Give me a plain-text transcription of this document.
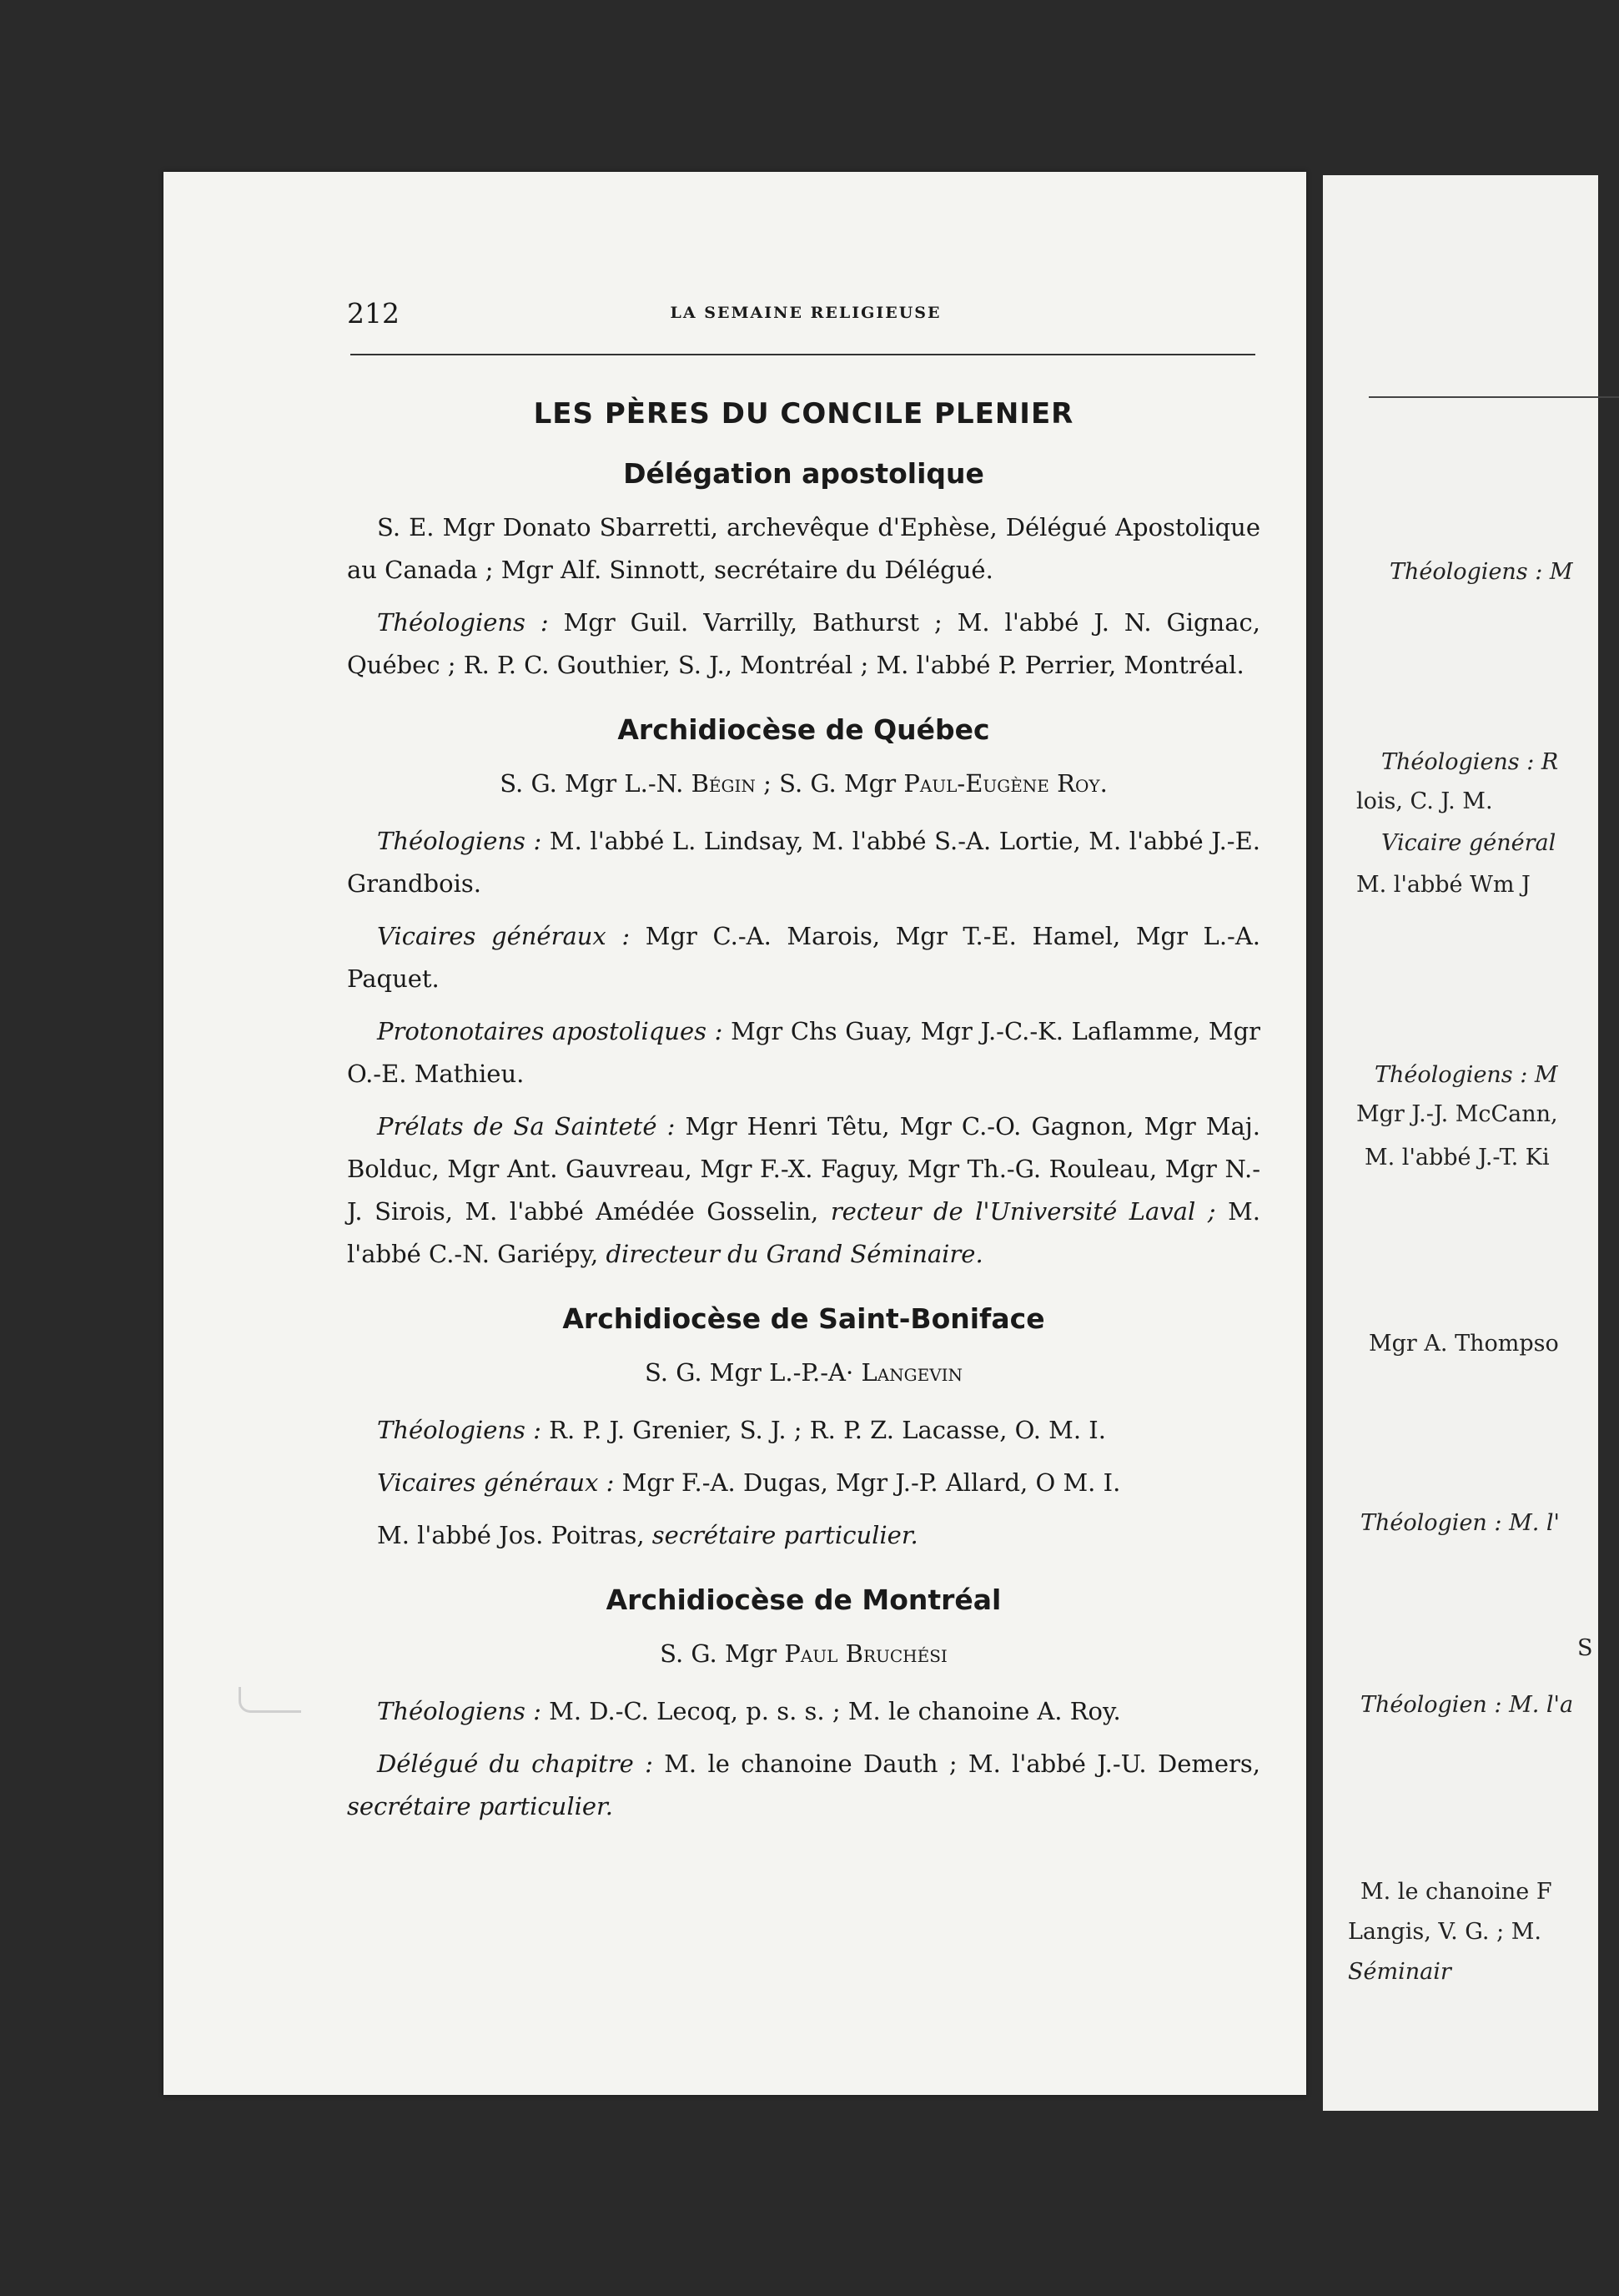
212	LA SEMAINE RELIGIEUSE
LES PÈRES DU CONCILE PLENIER
Délégation apostolique

S. E. Mgr Donato Sbarretti, archevêque d'Ephèse, Délégué Apostolique au Canada ; Mgr Alf. Sinnott, secrétaire du Délégué.

Théologiens : Mgr Guil. Varrilly, Bathurst ; M. l'abbé J. N. Gignac, Québec ; R. P. C. Gouthier, S. J., Montréal ; M. l'abbé P. Perrier, Montréal.

Archidiocèse de Québec
S. G. Mgr L.-N. Bégin ; S. G. Mgr Paul-Eugène Roy.

Théologiens : M. l'abbé L. Lindsay, M. l'abbé S.-A. Lortie, M. l'abbé J.-E. Grandbois.

Vicaires généraux : Mgr C.-A. Marois, Mgr T.-E. Hamel, Mgr L.-A. Paquet.

Protonotaires apostoliques : Mgr Chs Guay, Mgr J.-C.-K. Laflamme, Mgr O.-E. Mathieu.

Prélats de Sa Sainteté : Mgr Henri Têtu, Mgr C.-O. Gagnon, Mgr Maj. Bolduc, Mgr Ant. Gauvreau, Mgr F.-X. Faguy, Mgr Th.-G. Rouleau, Mgr N.-J. Sirois, M. l'abbé Amédée Gosselin, recteur de l'Université Laval ; M. l'abbé C.-N. Gariépy, directeur du Grand Séminaire.

Archidiocèse de Saint-Boniface
S. G. Mgr L.-P.-A· Langevin

Théologiens : R. P. J. Grenier, S. J. ; R. P. Z. Lacasse, O. M. I.

Vicaires généraux : Mgr F.-A. Dugas, Mgr J.-P. Allard, O M. I.

M. l'abbé Jos. Poitras, secrétaire particulier.

Archidiocèse de Montréal
S. G. Mgr Paul Bruchési

Théologiens : M. D.-C. Lecoq, p. s. s. ; M. le chanoine A. Roy.

Délégué du chapitre : M. le chanoine Dauth ; M. l'abbé J.-U. Demers, secrétaire particulier.

Théologiens : M
Théologiens : R
lois, C. J. M.
Vicaire général
M. l'abbé Wm J
Théologiens : M
Mgr J.-J. McCann,
M. l'abbé J.-T. Ki
Mgr A. Thompso
Théologien : M. l'
S
Théologien : M. l'a
M. le chanoine F
Langis, V. G. ; M.
Séminair
